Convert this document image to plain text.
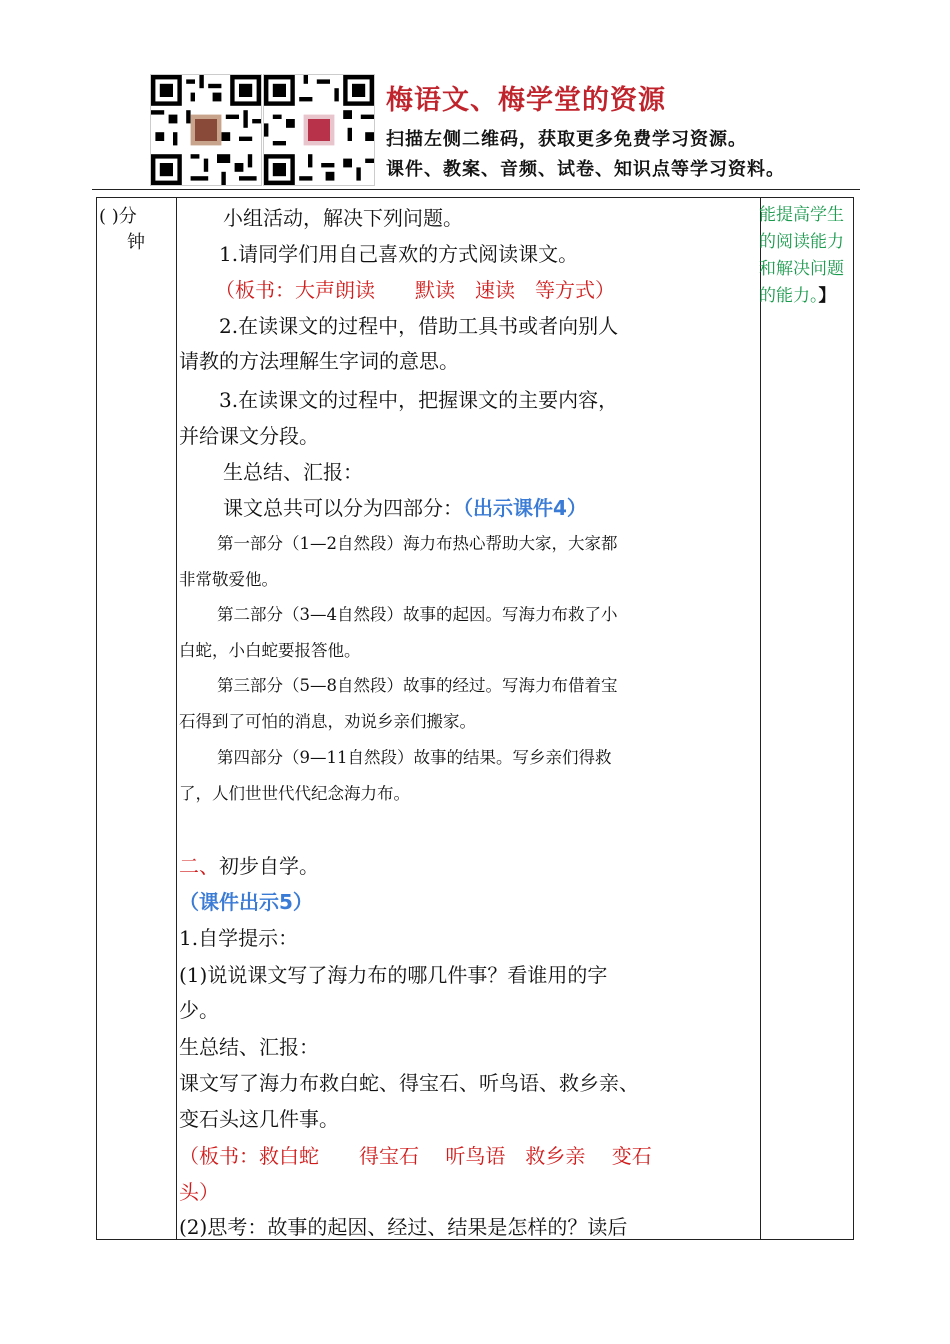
梅语文、梅学堂的资源
扫描左侧二维码，获取更多免费学习资源。
课件、教案、音频、试卷、知识点等学习资料。
( )分
钟
小组活动，解决下列问题。
1.请同学们用自己喜欢的方式阅读课文。
（板书：大声朗读　　默读　速读　等方式）
2.在读课文的过程中，借助工具书或者向别人
请教的方法理解生字词的意思。
3.在读课文的过程中，把握课文的主要内容，
并给课文分段。
生总结、汇报：
课文总共可以分为四部分：（出示课件4）
第一部分（1—2自然段）海力布热心帮助大家，大家都
非常敬爱他。
第二部分（3—4自然段）故事的起因。写海力布救了小
白蛇，小白蛇要报答他。
第三部分（5—8自然段）故事的经过。写海力布借着宝
石得到了可怕的消息，劝说乡亲们搬家。
第四部分（9—11自然段）故事的结果。写乡亲们得救
了，人们世世代代纪念海力布。
二、初步自学。
（课件出示5）
1.自学提示：
(1)说说课文写了海力布的哪几件事？看谁用的字
少。
生总结、汇报：
课文写了海力布救白蛇、得宝石、听鸟语、救乡亲、
变石头这几件事。
（板书：救白蛇　　得宝石　 听鸟语　救乡亲　 变石
头）
(2)思考：故事的起因、经过、结果是怎样的？读后
能提高学生的阅读能力和解决问题的能力。】
